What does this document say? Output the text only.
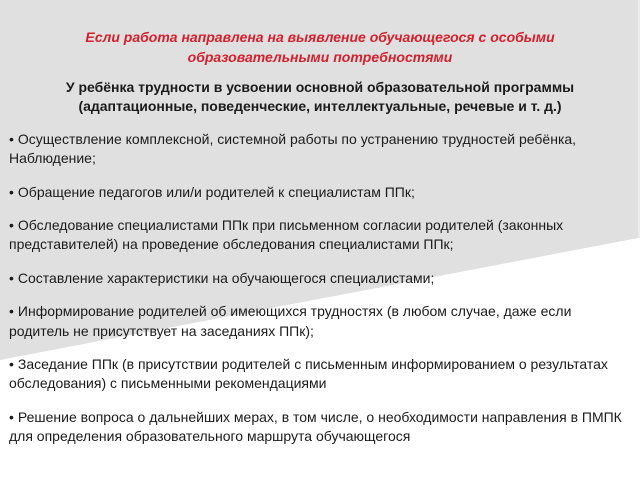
Если работа направлена на выявление обучающегося с особыми образовательными потребностями
У ребёнка трудности в усвоении основной образовательной программы (адаптационные, поведенческие, интеллектуальные, речевые и т. д.)
• Осуществление комплексной, системной работы по устранению трудностей ребёнка, Наблюдение;
• Обращение педагогов или/и родителей к специалистам ППк;
• Обследование специалистами ППк при письменном согласии родителей (законных представителей) на проведение обследования специалистами ППк;
• Составление характеристики на обучающегося специалистами;
• Информирование родителей об имеющихся трудностях (в любом случае, даже если родитель не присутствует на заседаниях ППк);
• Заседание ППк (в присутствии родителей с письменным информированием о результатах обследования) с письменными рекомендациями
• Решение вопроса о дальнейших мерах, в том числе, о необходимости направления в ПМПК для определения образовательного маршрута обучающегося
